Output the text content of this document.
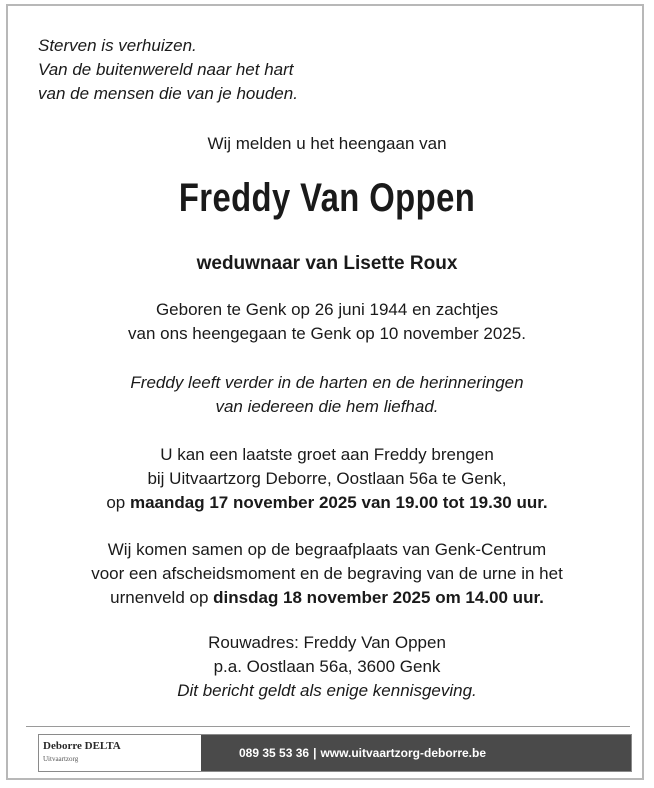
Sterven is verhuizen.
Van de buitenwereld naar het hart
van de mensen die van je houden.
Wij melden u het heengaan van
Freddy Van Oppen
weduwnaar van Lisette Roux
Geboren te Genk op 26 juni 1944 en zachtjes
van ons heengegaan te Genk op 10 november 2025.
Freddy leeft verder in de harten en de herinneringen
van iedereen die hem liefhad.
U kan een laatste groet aan Freddy brengen
bij Uitvaartzorg Deborre, Oostlaan 56a te Genk,
op maandag 17 november 2025 van 19.00 tot 19.30 uur.
Wij komen samen op de begraafplaats van Genk-Centrum
voor een afscheidsmoment en de begraving van de urne in het
urnenveld op dinsdag 18 november 2025 om 14.00 uur.
Rouwadres: Freddy Van Oppen
p.a. Oostlaan 56a, 3600 Genk
Dit bericht geldt als enige kennisgeving.
Deborre DELTA
Uitvaartzorg	089 35 53 36 | www.uitvaartzorg-deborre.be
